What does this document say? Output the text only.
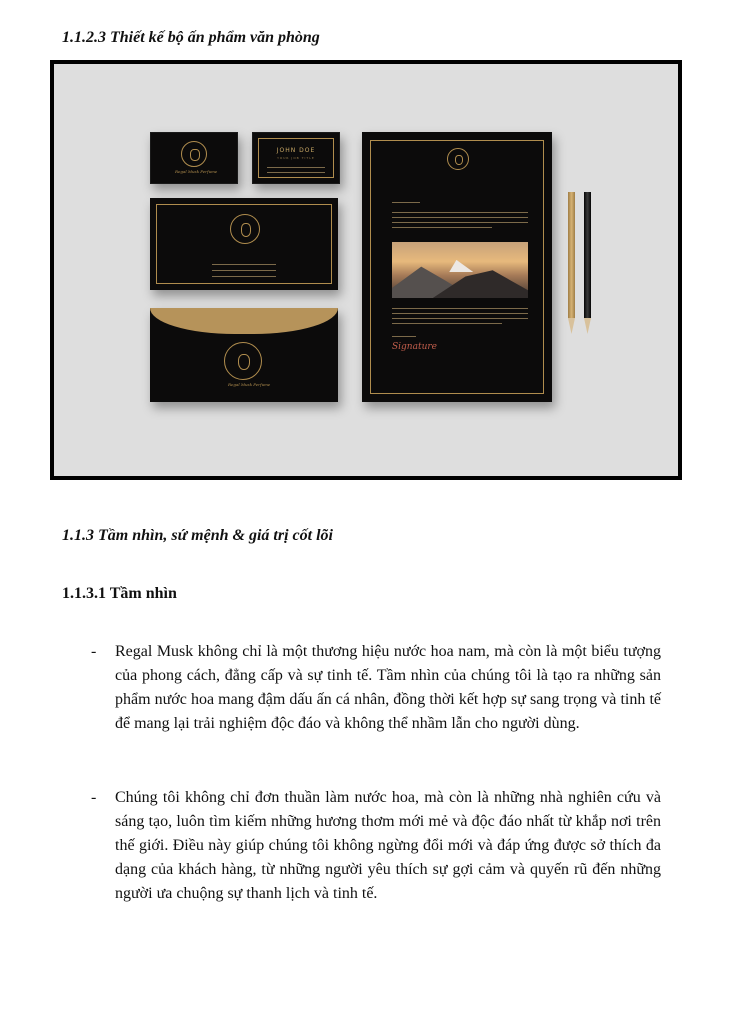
1.1.2.3 Thiết kế bộ ấn phẩm văn phòng
Regal Musk Perfume
JOHN DOE
YOUR JOB TITLE
Regal Musk Perfume
Signature
1.1.3 Tầm nhìn, sứ mệnh & giá trị cốt lõi
1.1.3.1 Tầm nhìn
- Regal Musk không chỉ là một thương hiệu nước hoa nam, mà còn là một biểu tượng của phong cách, đẳng cấp và sự tinh tế. Tầm nhìn của chúng tôi là tạo ra những sản phẩm nước hoa mang đậm dấu ấn cá nhân, đồng thời kết hợp sự sang trọng và tinh tế để mang lại trải nghiệm độc đáo và không thể nhầm lẫn cho người dùng.
- Chúng tôi không chỉ đơn thuần làm nước hoa, mà còn là những nhà nghiên cứu và sáng tạo, luôn tìm kiếm những hương thơm mới mẻ và độc đáo nhất từ khắp nơi trên thế giới. Điều này giúp chúng tôi không ngừng đổi mới và đáp ứng được sở thích đa dạng của khách hàng, từ những người yêu thích sự gợi cảm và quyến rũ đến những người ưa chuộng sự thanh lịch và tinh tế.
